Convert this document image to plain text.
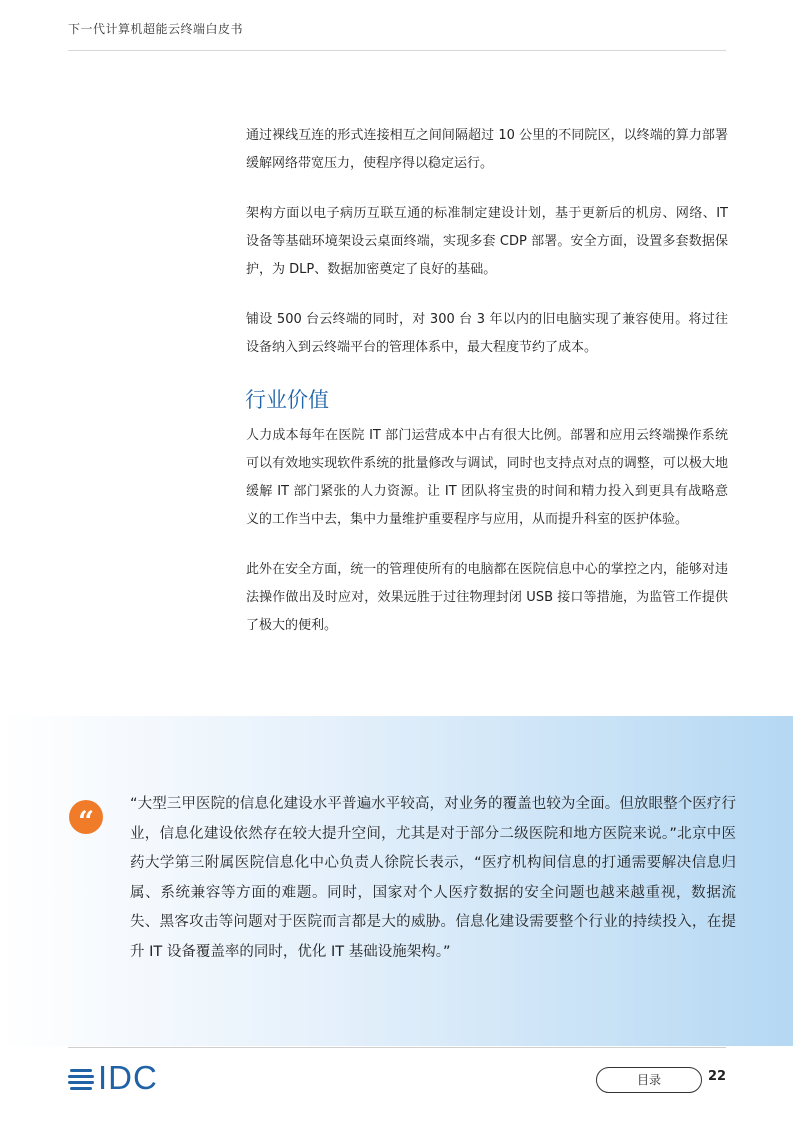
下一代计算机超能云终端白皮书

通过裸线互连的形式连接相互之间间隔超过 10 公里的不同院区，以终端的算力部署缓解网络带宽压力，使程序得以稳定运行。

架构方面以电子病历互联互通的标准制定建设计划，基于更新后的机房、网络、IT 设备等基础环境架设云桌面终端，实现多套 CDP 部署。安全方面，设置多套数据保护，为 DLP、数据加密奠定了良好的基础。

铺设 500 台云终端的同时，对 300 台 3 年以内的旧电脑实现了兼容使用。将过往设备纳入到云终端平台的管理体系中，最大程度节约了成本。

行业价值

人力成本每年在医院 IT 部门运营成本中占有很大比例。部署和应用云终端操作系统可以有效地实现软件系统的批量修改与调试，同时也支持点对点的调整，可以极大地缓解 IT 部门紧张的人力资源。让 IT 团队将宝贵的时间和精力投入到更具有战略意义的工作当中去，集中力量维护重要程序与应用，从而提升科室的医护体验。

此外在安全方面，统一的管理使所有的电脑都在医院信息中心的掌控之内，能够对违法操作做出及时应对，效果远胜于过往物理封闭 USB 接口等措施，为监管工作提供了极大的便利。

“
“大型三甲医院的信息化建设水平普遍水平较高，对业务的覆盖也较为全面。但放眼整个医疗行业，信息化建设依然存在较大提升空间，尤其是对于部分二级医院和地方医院来说。”北京中医药大学第三附属医院信息化中心负责人徐院长表示，“医疗机构间信息的打通需要解决信息归属、系统兼容等方面的难题。同时，国家对个人医疗数据的安全问题也越来越重视，数据流失、黑客攻击等问题对于医院而言都是大的威胁。信息化建设需要整个行业的持续投入，在提升 IT 设备覆盖率的同时，优化 IT 基础设施架构。”
IDC	目录	22
